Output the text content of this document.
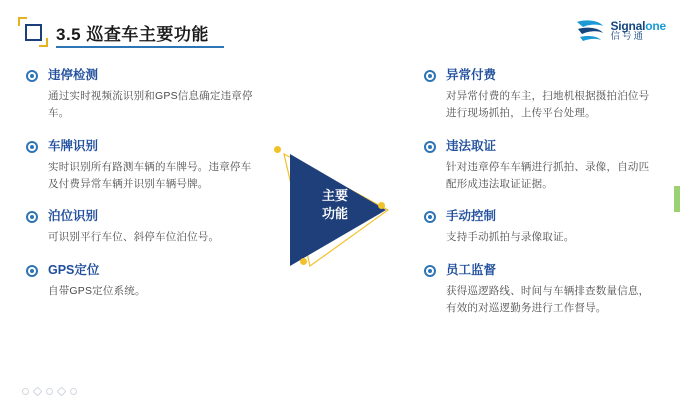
3.5 巡查车主要功能	Signalone
信号通
违停检测
通过实时视频流识别和GPS信息确定违章停车。
车牌识别
实时识别所有路测车辆的车牌号。违章停车及付费异常车辆并识别车辆号牌。
泊位识别
可识别平行车位、斜停车位泊位号。
GPS定位
自带GPS定位系统。
主要
功能
异常付费
对异常付费的车主，扫地机根据摄拍泊位号进行现场抓拍，上传平台处理。
违法取证
针对违章停车车辆进行抓拍、录像，自动匹配形成违法取证证据。
手动控制
支持手动抓拍与录像取证。
员工监督
获得巡逻路线、时间与车辆排查数量信息，有效的对巡逻勤务进行工作督导。
